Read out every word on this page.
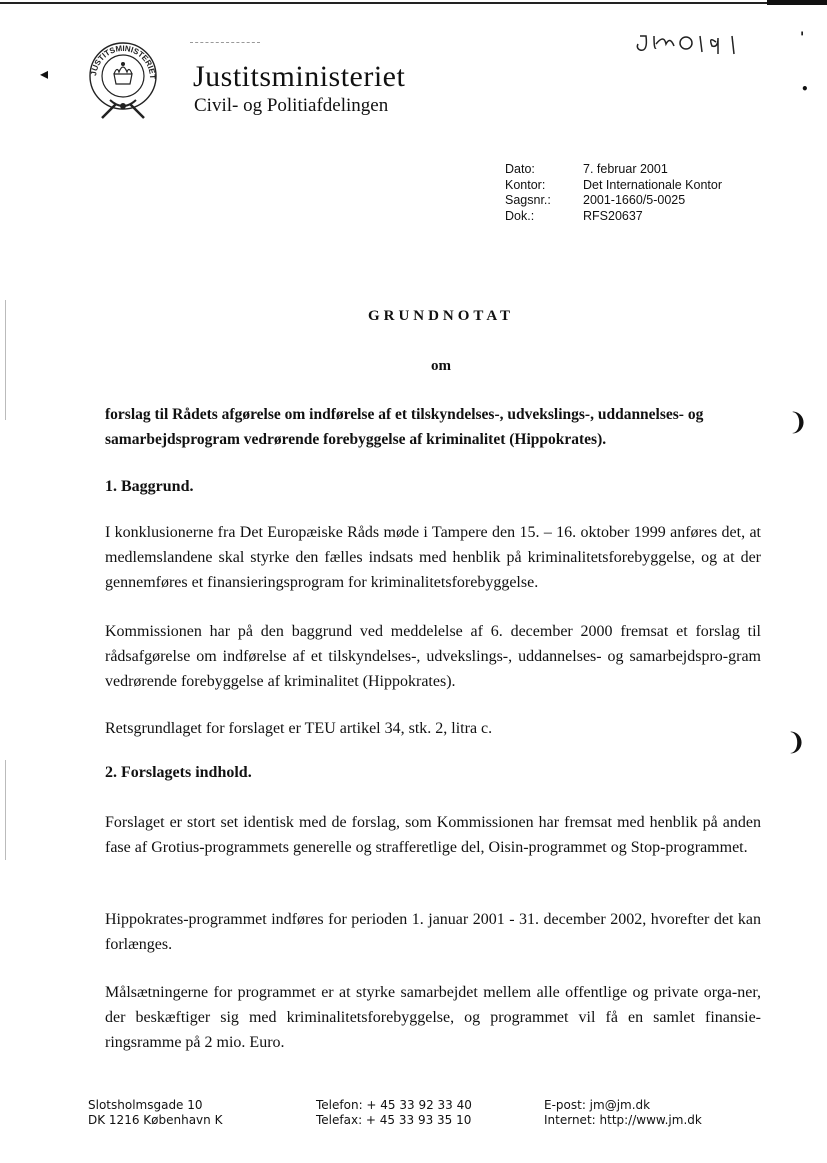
◂
'
•
❩
❩
JUSTITSMINISTERIET Justitsministeriet
Civil- og Politiafdelingen
Dato:	7. februar 2001
Kontor:	Det Internationale Kontor
Sagsnr.:	2001-1660/5-0025
Dok.:	RFS20637
GRUNDNOTAT
om
forslag til Rådets afgørelse om indførelse af et tilskyndelses-, udvekslings-, uddannelses- og samarbejdsprogram vedrørende forebyggelse af kriminalitet (Hippokrates).
1. Baggrund.
I konklusionerne fra Det Europæiske Råds møde i Tampere den 15. – 16. oktober 1999 anføres det, at medlemslandene skal styrke den fælles indsats med henblik på kriminalitetsforebyggelse, og at der gennemføres et finansieringsprogram for kriminalitetsforebyggelse.
Kommissionen har på den baggrund ved meddelelse af 6. december 2000 fremsat et forslag til rådsafgørelse om indførelse af et tilskyndelses-, udvekslings-, uddannelses- og samarbejdspro-gram vedrørende forebyggelse af kriminalitet (Hippokrates).
Retsgrundlaget for forslaget er TEU artikel 34, stk. 2, litra c.
2. Forslagets indhold.
Forslaget er stort set identisk med de forslag, som Kommissionen har fremsat med henblik på anden fase af Grotius-programmets generelle og strafferetlige del, Oisin-programmet og Stop-programmet.
Hippokrates-programmet indføres for perioden 1. januar 2001 - 31. december 2002, hvorefter det kan forlænges.
Målsætningerne for programmet er at styrke samarbejdet mellem alle offentlige og private orga-ner, der beskæftiger sig med kriminalitetsforebyggelse, og programmet vil få en samlet finansie-ringsramme på 2 mio. Euro.
Slotsholmsgade 10
DK 1216 København K
Telefon: + 45 33 92 33 40
Telefax: + 45 33 93 35 10
E-post: jm@jm.dk
Internet: http://www.jm.dk
